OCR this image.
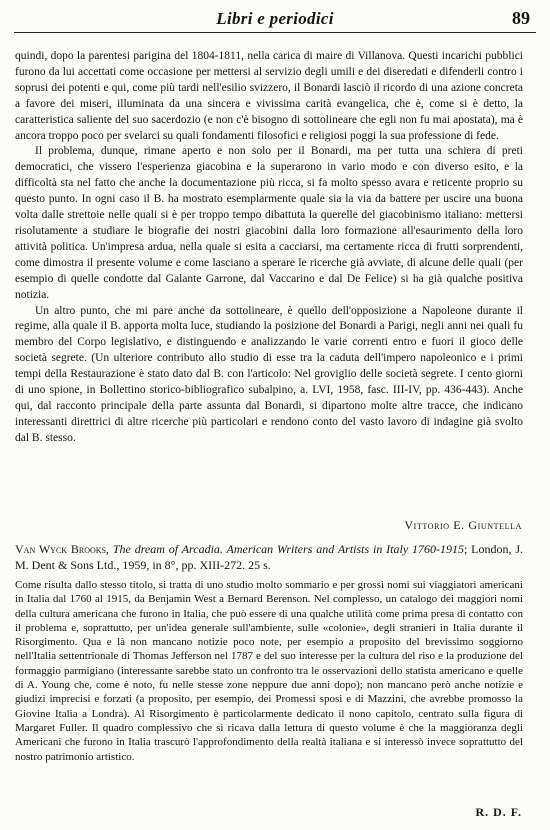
Libri e periodici	89

quindi, dopo la parentesi parigina del 1804-1811, nella carica di maire di Villanova. Questi incarichi pubblici furono da lui accettati come occasione per mettersi al servizio degli umili e dei diseredati e difenderli contro i soprusi dei potenti e qui, come più tardi nell'esilio svizzero, il Bonardi lasciò il ricordo di una azione concreta a favore dei miseri, illuminata da una sincera e vivissima carità evangelica, che è, come si è detto, la caratteristica saliente del suo sacerdozio (e non c'è bisogno di sottolineare che egli non fu mai apostata), ma è ancora troppo poco per svelarci su quali fondamenti filosofici e religiosi poggi la sua professione di fede.

Il problema, dunque, rimane aperto e non solo per il Bonardi, ma per tutta una schiera di preti democratici, che vissero l'esperienza giacobina e la superarono in vario modo e con diverso esito, e la difficoltà sta nel fatto che anche la documentazione più ricca, si fa molto spesso avara e reticente proprio su questo punto. In ogni caso il B. ha mostrato esemplarmente quale sia la via da battere per uscire una buona volta dalle strettoie nelle quali si è per troppo tempo dibattuta la querelle del giacobinismo italiano: mettersi risolutamente a studiare le biografie dei nostri giacobini dalla loro formazione all'esaurimento della loro attività politica. Un'impresa ardua, nella quale si esita a cacciarsi, ma certamente ricca di frutti sorprendenti, come dimostra il presente volume e come lasciano a sperare le ricerche già avviate, di alcune delle quali (per esempio di quelle condotte dal Galante Garrone, dal Vaccarino e dal De Felice) si ha già qualche positiva notizia.

Un altro punto, che mi pare anche da sottolineare, è quello dell'opposizione a Napoleone durante il regime, alla quale il B. apporta molta luce, studiando la posizione del Bonardi a Parigi, negli anni nei quali fu membro del Corpo legislativo, e distinguendo e analizzando le varie correnti entro e fuori il gioco delle società segrete. (Un ulteriore contributo allo studio di esse tra la caduta dell'impero napoleonico e i primi tempi della Restaurazione è stato dato dal B. con l'articolo: Nel groviglio delle società segrete. I cento giorni di uno spione, in Bollettino storico-bibliografico subalpino, a. LVI, 1958, fasc. III-IV, pp. 436-443). Anche qui, dal racconto principale della parte assunta dal Bonardi, si dipartono molte altre tracce, che indicano interessanti direttrici di altre ricerche più particolari e rendono conto del vasto lavoro di indagine già svolto dal B. stesso.

Vittorio E. Giuntella
Van Wyck Brooks, The dream of Arcadia. American Writers and Artists in Italy 1760-1915; London, J. M. Dent & Sons Ltd., 1959, in 8°, pp. XIII-272. 25 s.

Come risulta dallo stesso titolo, si tratta di uno studio molto sommario e per grossi nomi sui viaggiatori americani in Italia dal 1760 al 1915, da Benjamin West a Bernard Berenson. Nel complesso, un catalogo dei maggiori nomi della cultura americana che furono in Italia, che può essere di una qualche utilità come prima presa di contatto con il problema e, soprattutto, per un'idea generale sull'ambiente, sulle «colonie», degli stranieri in Italia durante il Risorgimento. Qua e là non mancano notizie poco note, per esempio a proposito del brevissimo soggiorno nell'Italia settentrionale di Thomas Jefferson nel 1787 e del suo interesse per la cultura del riso e la produzione del formaggio parmigiano (interessante sarebbe stato un confronto tra le osservazioni dello statista americano e quelle di A. Young che, come è noto, fu nelle stesse zone neppure due anni dopo); non mancano però anche notizie e giudizi imprecisi e forzati (a proposito, per esempio, dei Promessi sposi e di Mazzini, che avrebbe promosso la Giovine Italia a Londra). Al Risorgimento è particolarmente dedicato il nono capitolo, centrato sulla figura di Margaret Fuller. Il quadro complessivo che si ricava dalla lettura di questo volume è che la maggioranza degli Americani che furono in Italia trascurò l'approfondimento della realtà italiana e si interessò invece soprattutto del nostro patrimonio artistico.

R. D. F.
